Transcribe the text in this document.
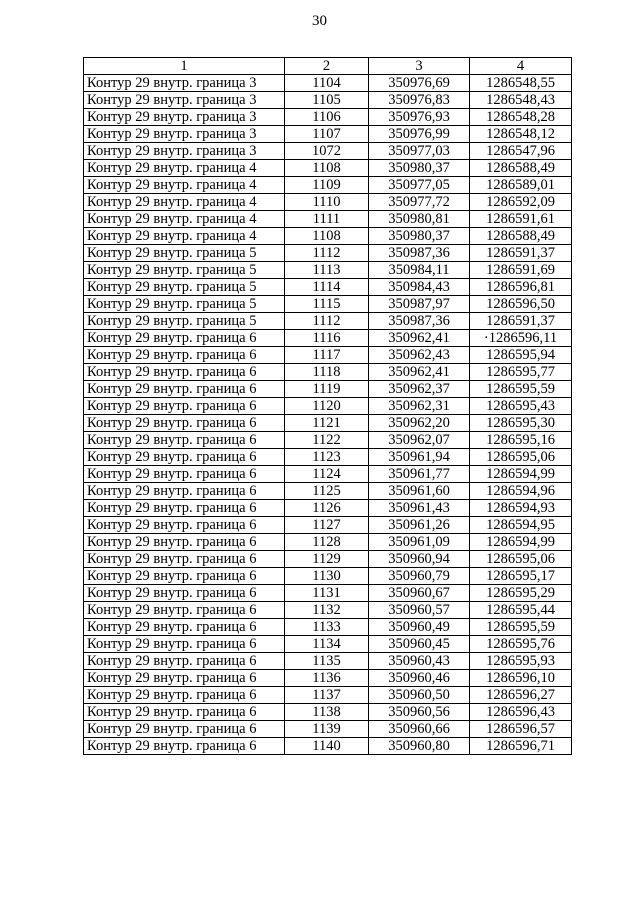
30
1	2	3	4
Контур 29 внутр. граница 3	1104	350976,69	1286548,55
Контур 29 внутр. граница 3	1105	350976,83	1286548,43
Контур 29 внутр. граница 3	1106	350976,93	1286548,28
Контур 29 внутр. граница 3	1107	350976,99	1286548,12
Контур 29 внутр. граница 3	1072	350977,03	1286547,96
Контур 29 внутр. граница 4	1108	350980,37	1286588,49
Контур 29 внутр. граница 4	1109	350977,05	1286589,01
Контур 29 внутр. граница 4	1110	350977,72	1286592,09
Контур 29 внутр. граница 4	1111	350980,81	1286591,61
Контур 29 внутр. граница 4	1108	350980,37	1286588,49
Контур 29 внутр. граница 5	1112	350987,36	1286591,37
Контур 29 внутр. граница 5	1113	350984,11	1286591,69
Контур 29 внутр. граница 5	1114	350984,43	1286596,81
Контур 29 внутр. граница 5	1115	350987,97	1286596,50
Контур 29 внутр. граница 5	1112	350987,36	1286591,37
Контур 29 внутр. граница 6	1116	350962,41	·1286596,11
Контур 29 внутр. граница 6	1117	350962,43	1286595,94
Контур 29 внутр. граница 6	1118	350962,41	1286595,77
Контур 29 внутр. граница 6	1119	350962,37	1286595,59
Контур 29 внутр. граница 6	1120	350962,31	1286595,43
Контур 29 внутр. граница 6	1121	350962,20	1286595,30
Контур 29 внутр. граница 6	1122	350962,07	1286595,16
Контур 29 внутр. граница 6	1123	350961,94	1286595,06
Контур 29 внутр. граница 6	1124	350961,77	1286594,99
Контур 29 внутр. граница 6	1125	350961,60	1286594,96
Контур 29 внутр. граница 6	1126	350961,43	1286594,93
Контур 29 внутр. граница 6	1127	350961,26	1286594,95
Контур 29 внутр. граница 6	1128	350961,09	1286594,99
Контур 29 внутр. граница 6	1129	350960,94	1286595,06
Контур 29 внутр. граница 6	1130	350960,79	1286595,17
Контур 29 внутр. граница 6	1131	350960,67	1286595,29
Контур 29 внутр. граница 6	1132	350960,57	1286595,44
Контур 29 внутр. граница 6	1133	350960,49	1286595,59
Контур 29 внутр. граница 6	1134	350960,45	1286595,76
Контур 29 внутр. граница 6	1135	350960,43	1286595,93
Контур 29 внутр. граница 6	1136	350960,46	1286596,10
Контур 29 внутр. граница 6	1137	350960,50	1286596,27
Контур 29 внутр. граница 6	1138	350960,56	1286596,43
Контур 29 внутр. граница 6	1139	350960,66	1286596,57
Контур 29 внутр. граница 6	1140	350960,80	1286596,71
